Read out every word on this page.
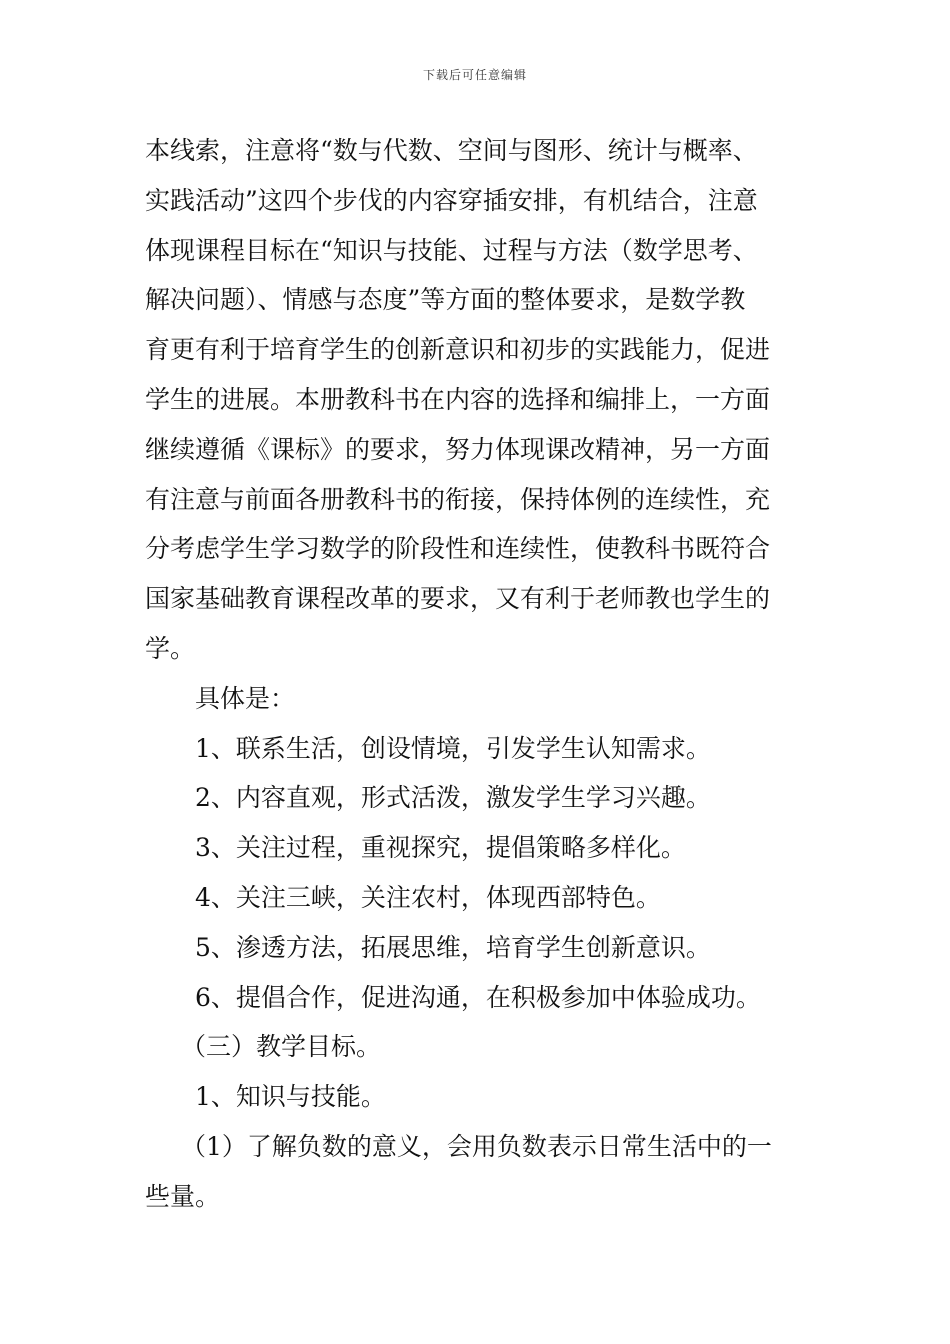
下载后可任意编辑

本线索，注意将“数与代数、空间与图形、统计与概率、
实践活动”这四个步伐的内容穿插安排，有机结合，注意
体现课程目标在“知识与技能、过程与方法（数学思考、
解决问题）、情感与态度”等方面的整体要求，是数学教
育更有利于培育学生的创新意识和初步的实践能力，促进
学生的进展。本册教科书在内容的选择和编排上，一方面
继续遵循《课标》的要求，努力体现课改精神，另一方面
有注意与前面各册教科书的衔接，保持体例的连续性，充
分考虑学生学习数学的阶段性和连续性，使教科书既符合
国家基础教育课程改革的要求，又有利于老师教也学生的
学。

具体是：

1、联系生活，创设情境，引发学生认知需求。

2、内容直观，形式活泼，激发学生学习兴趣。

3、关注过程，重视探究，提倡策略多样化。

4、关注三峡，关注农村，体现西部特色。

5、渗透方法，拓展思维，培育学生创新意识。

6、提倡合作，促进沟通，在积极参加中体验成功。

（三）教学目标。

1、知识与技能。

（1）了解负数的意义，会用负数表示日常生活中的一
些量。
